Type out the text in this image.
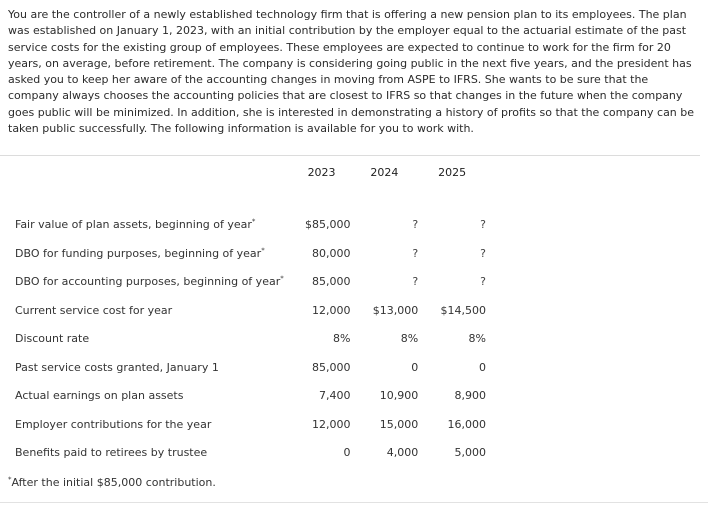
You are the controller of a newly established technology firm that is offering a new pension plan to its employees. The plan was established on January 1, 2023, with an initial contribution by the employer equal to the actuarial estimate of the past service costs for the existing group of employees. These employees are expected to continue to work for the firm for 20 years, on average, before retirement. The company is considering going public in the next five years, and the president has asked you to keep her aware of the accounting changes in moving from ASPE to IFRS. She wants to be sure that the company always chooses the accounting policies that are closest to IFRS so that changes in the future when the company goes public will be minimized. In addition, she is interested in demonstrating a history of profits so that the company can be taken public successfully. The following information is available for you to work with.
	2023	2024	2025

Fair value of plan assets, beginning of year*	$85,000	?	?
DBO for funding purposes, beginning of year*	80,000	?	?
DBO for accounting purposes, beginning of year*	85,000	?	?
Current service cost for year	12,000	$13,000	$14,500
Discount rate	8%	8%	8%
Past service costs granted, January 1	85,000	0	0
Actual earnings on plan assets	7,400	10,900	8,900
Employer contributions for the year	12,000	15,000	16,000
Benefits paid to retirees by trustee	0	4,000	5,000
*After the initial $85,000 contribution.
